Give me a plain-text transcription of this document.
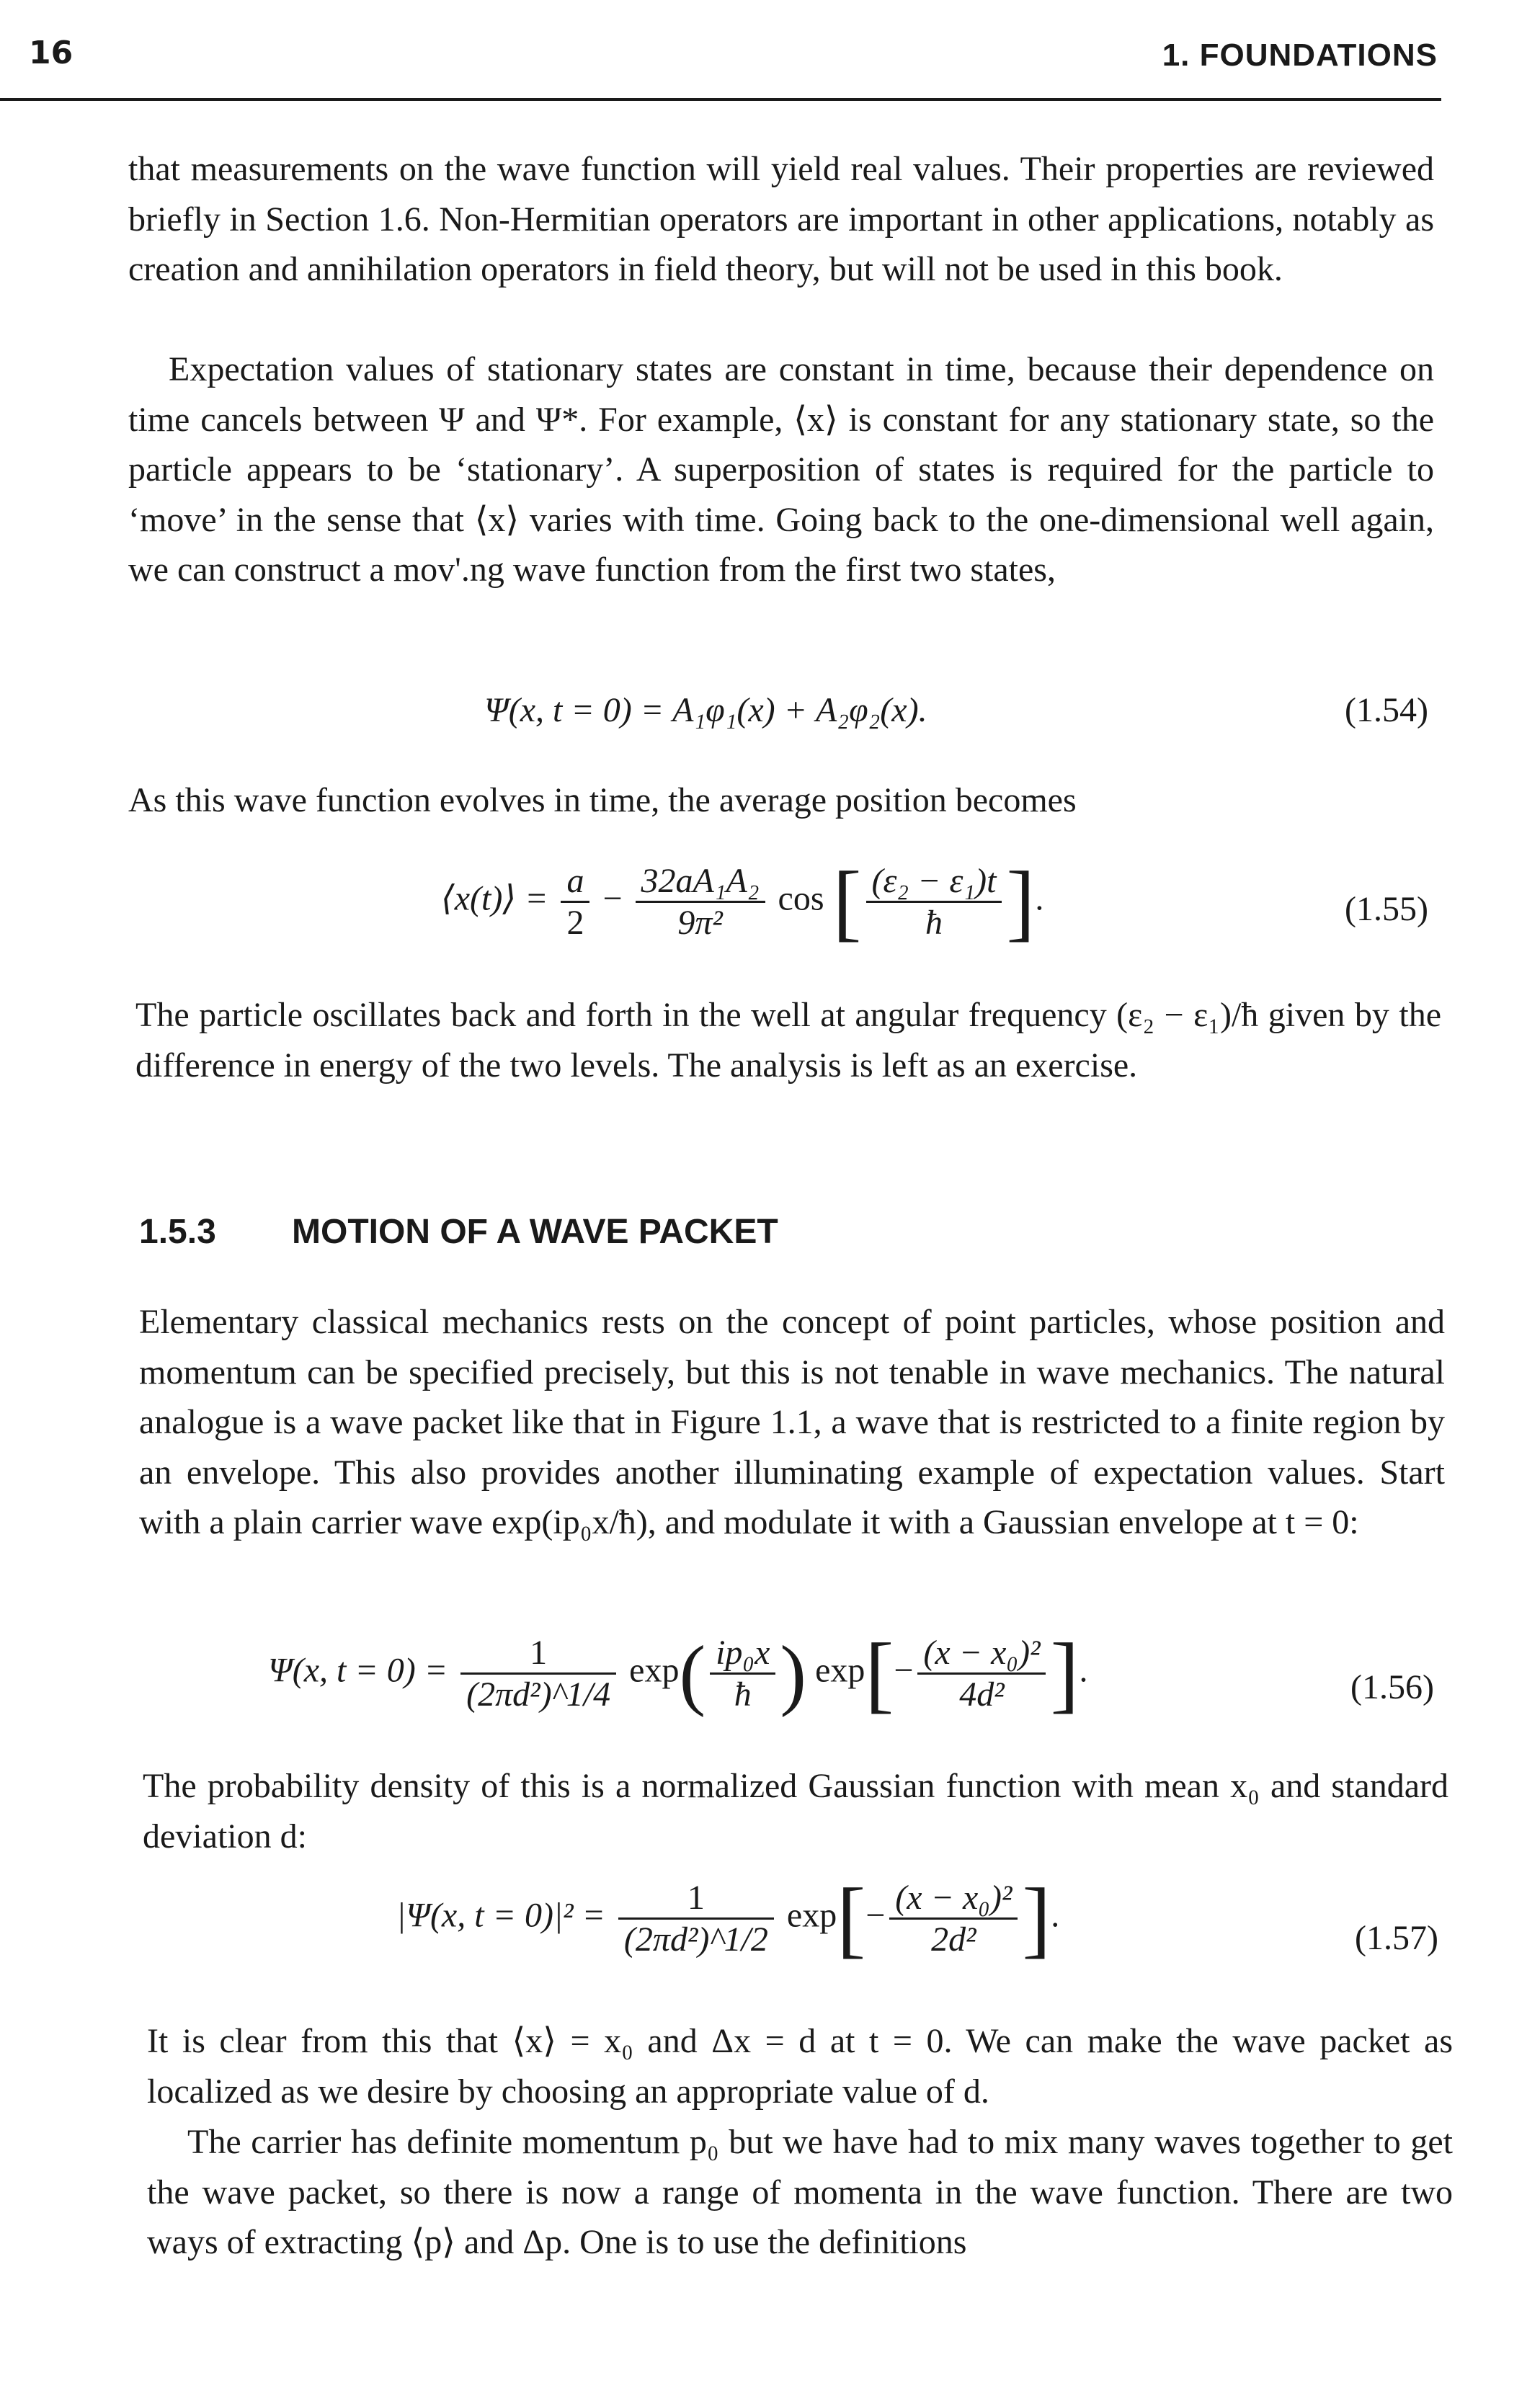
16	1. FOUNDATIONS

that measurements on the wave function will yield real values. Their properties are reviewed briefly in Section 1.6. Non-Hermitian operators are important in other applications, notably as creation and annihilation operators in field theory, but will not be used in this book.

Expectation values of stationary states are constant in time, because their dependence on time cancels between Ψ and Ψ*. For example, ⟨x⟩ is constant for any stationary state, so the particle appears to be ‘stationary’. A superposition of states is required for the particle to ‘move’ in the sense that ⟨x⟩ varies with time. Going back to the one-dimensional well again, we can construct a mov'.ng wave function from the first two states,

Ψ(x, t = 0) = A₁φ₁(x) + A₂φ₂(x).	(1.54)

As this wave function evolves in time, the average position becomes

⟨x(t)⟩ = $\frac{a}{2} - \frac{\text{32aA₁A₂}}{\text{9π²}}$ cos [ $\frac{\text{(ε₂ − ε₁)t}}{ħ}$ ].	(1.55)

The particle oscillates back and forth in the well at angular frequency (ε₂ − ε₁)/ħ given by the difference in energy of the two levels. The analysis is left as an exercise.

1.5.3 MOTION OF A WAVE PACKET

Elementary classical mechanics rests on the concept of point particles, whose position and momentum can be specified precisely, but this is not tenable in wave mechanics. The natural analogue is a wave packet like that in Figure 1.1, a wave that is restricted to a finite region by an envelope. This also provides another illuminating example of expectation values. Start with a plain carrier wave exp(ip₀x/ħ), and modulate it with a Gaussian envelope at t = 0:

Ψ(x, $t = 0) = \frac{1}{\text{(2πd²)\textasciicircum{}1/4}} \exp( \frac{\text{ip₀x}}{ħ}$ ) $\exp[- \frac{\text{(x − x₀)²}}{\text{4d²}}$ ].	(1.56)

The probability density of this is a normalized Gaussian function with mean x₀ and standard deviation d:

|Ψ(x, $t = 0)|^2 = \frac{1}{\text{(2πd²)\textasciicircum{}1/2}} \exp[- \frac{\text{(x − x₀)²}}{\text{2d²}}$ ].
(1.57)

It is clear from this that ⟨x⟩ = x₀ and Δx = d at t = 0. We can make the wave packet as localized as we desire by choosing an appropriate value of d.

The carrier has definite momentum p₀ but we have had to mix many waves together to get the wave packet, so there is now a range of momenta in the wave function. There are two ways of extracting ⟨p⟩ and Δp. One is to use the definitions
